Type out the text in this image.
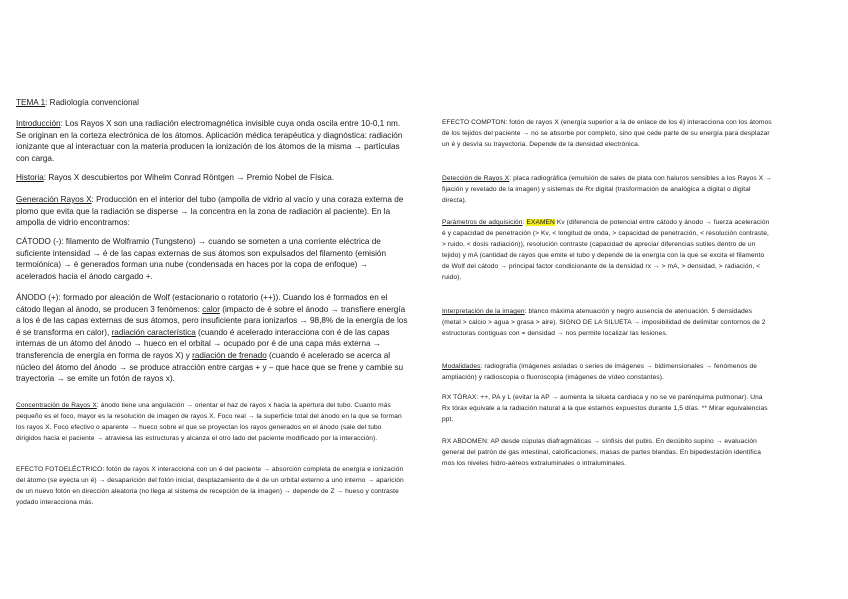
TEMA 1: Radiología convencional

Introducción: Los Rayos X son una radiación electromagnética invisible cuya onda oscila entre 10-0,1 nm. Se originan en la corteza electrónica de los átomos. Aplicación médica terapéutica y diagnóstica: radiación ionizante que al interactuar con la materia producen la ionización de los átomos de la misma → partículas con carga.

Historia: Rayos X descubiertos por Wihelm Conrad Röntgen → Premio Nobel de Física.

Generación Rayos X: Producción en el interior del tubo (ampolla de vidrio al vacío y una coraza externa de plomo que evita que la radiación se disperse → la concentra en la zona de radiación al paciente). En la ampolla de vidrio encontramos:

CÁTODO (-): filamento de Wolframio (Tungsteno) → cuando se someten a una corriente eléctrica de suficiente intensidad → é de las capas externas de sus átomos son expulsados del filamento (emisión termoiónica) → é generados forman una nube (condensada en haces por la copa de enfoque) → acelerados hacia el ánodo cargado +.

ÁNODO (+): formado por aleación de Wolf (estacionario o rotatorio (++)). Cuando los é formados en el cátodo llegan al ánodo, se producen 3 fenómenos: calor (impacto de é sobre el ánodo → transfiere energía a los é de las capas externas de sus átomos, pero insuficiente para ionizarlos → 98,8% de la energía de los é se transforma en calor), radiación característica (cuando é acelerado interacciona con é de las capas internas de un átomo del ánodo → hueco en el orbital → ocupado por é de una capa más externa → transferencia de energía en forma de rayos X) y radiación de frenado (cuando é acelerado se acerca al núcleo del átomo del ánodo → se produce atracción entre cargas + y – que hace que se frene y cambie su trayectoria → se emite un fotón de rayos x).

Concentración de Rayos X: ánodo tiene una angulación → orientar el haz de rayos x hacia la apertura del tubo. Cuanto más pequeño es el foco, mayor es la resolución de imagen de rayos X. Foco real → la superficie total del ánodo en la que se forman los rayos X. Foco efectivo o aparente → hueco sobre el que se proyectan los rayos generados en el ánodo (sale del tubo dirigidos hacia el paciente → atraviesa las estructuras y alcanza el otro lado del paciente modificado por la interacción).

EFECTO FOTOELÉCTRICO: fotón de rayos X interacciona con un é del paciente → absorción completa de energía e ionización del átomo (se eyecta un é) → desaparición del fotón inicial, desplazamiento de é de un orbital externo a uno interno → aparición de un nuevo fotón en dirección aleatoria (no llega al sistema de recepción de la imagen) → depende de Z → hueso y contraste yodado interacciona más.

EFECTO COMPTON: fotón de rayos X (energía superior a la de enlace de los é) interacciona con los átomos de los tejidos del paciente → no se absorbe por completo, sino que cede parte de su energía para desplazar un é y desvía su trayectoria. Depende de la densidad electrónica.

Detección de Rayos X: placa radiográfica (emulsión de sales de plata con haluros sensibles a los Rayos X → fijación y revelado de la imagen) y sistemas de Rx digital (trasformación de analógica a digital o digital directa).

Parámetros de adquisición: EXAMEN Kv (diferencia de potencial entre cátodo y ánodo → fuerza aceleración é y capacidad de penetración (> Kv, < longitud de onda, > capacidad de penetración, < resolución contraste, > ruido, < dosis radiación)), resolución contraste (capacidad de apreciar diferencias sutiles dentro de un tejido) y mA (cantidad de rayos que emite el tubo y depende de la energía con la que se excita el filamento de Wolf del cátodo → principal factor condicionante de la densidad rx → > mA, > densidad, > radiación, < ruido).

Interpretación de la imagen: blanco máxima atenuación y negro ausencia de atenuación. 5 densidades (metal > calcio > agua > grasa > aire). SIGNO DE LA SILUETA → imposibilidad de delimitar contornos de 2 estructuras contiguas con = densidad → nos permite localizar las lesiones.

Modalidades: radiografía (imágenes aisladas o series de imágenes → bidimensionales → fenómenos de ampliación) y radioscopia o fluoroscopia (imágenes de vídeo constantes).

RX TÓRAX: ++, PA y L (evitar la AP → aumenta la silueta cardiaca y no se ve parénquima pulmonar). Una Rx tórax equivale a la radiación natural a la que estamos expuestos durante 1,5 días. ** Mirar equivalencias ppt.

RX ABDOMEN: AP desde cúpulas diafragmáticas → sínfisis del pubis. En decúbito supino → evaluación general del patrón de gas intestinal, calcificaciones, masas de partes blandas. En bipedestación identifica mos los niveles hidro-aéreos extraluminales o intraluminales.
